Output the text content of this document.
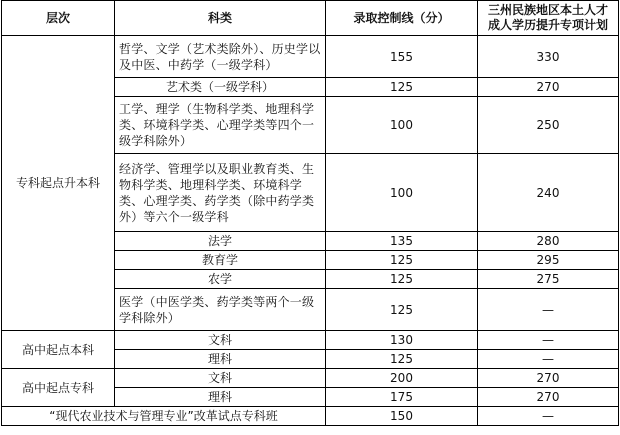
层次	科类	录取控制线（分）	三州民族地区本土人才
成人学历提升专项计划
专科起点升本科	哲学、文学（艺术类除外）、历史学以及中医、中药学（一级学科）	155	330
	艺术类（一级学科）	125	270
	工学、理学（生物科学类、地理科学类、环境科学类、心理学类等四个一级学科除外）	100	250
	经济学、管理学以及职业教育类、生物科学类、地理科学类、环境科学类、心理学类、药学类（除中药学类外）等六个一级学科	100	240
	法学	135	280
	教育学	125	295
	农学	125	275
	医学（中医学类、药学类等两个一级学科除外）	125	—
高中起点本科	文科	130	—
	理科	125	—
高中起点专科	文科	200	270
	理科	175	270
“现代农业技术与管理专业”改革试点专科班		150	—
